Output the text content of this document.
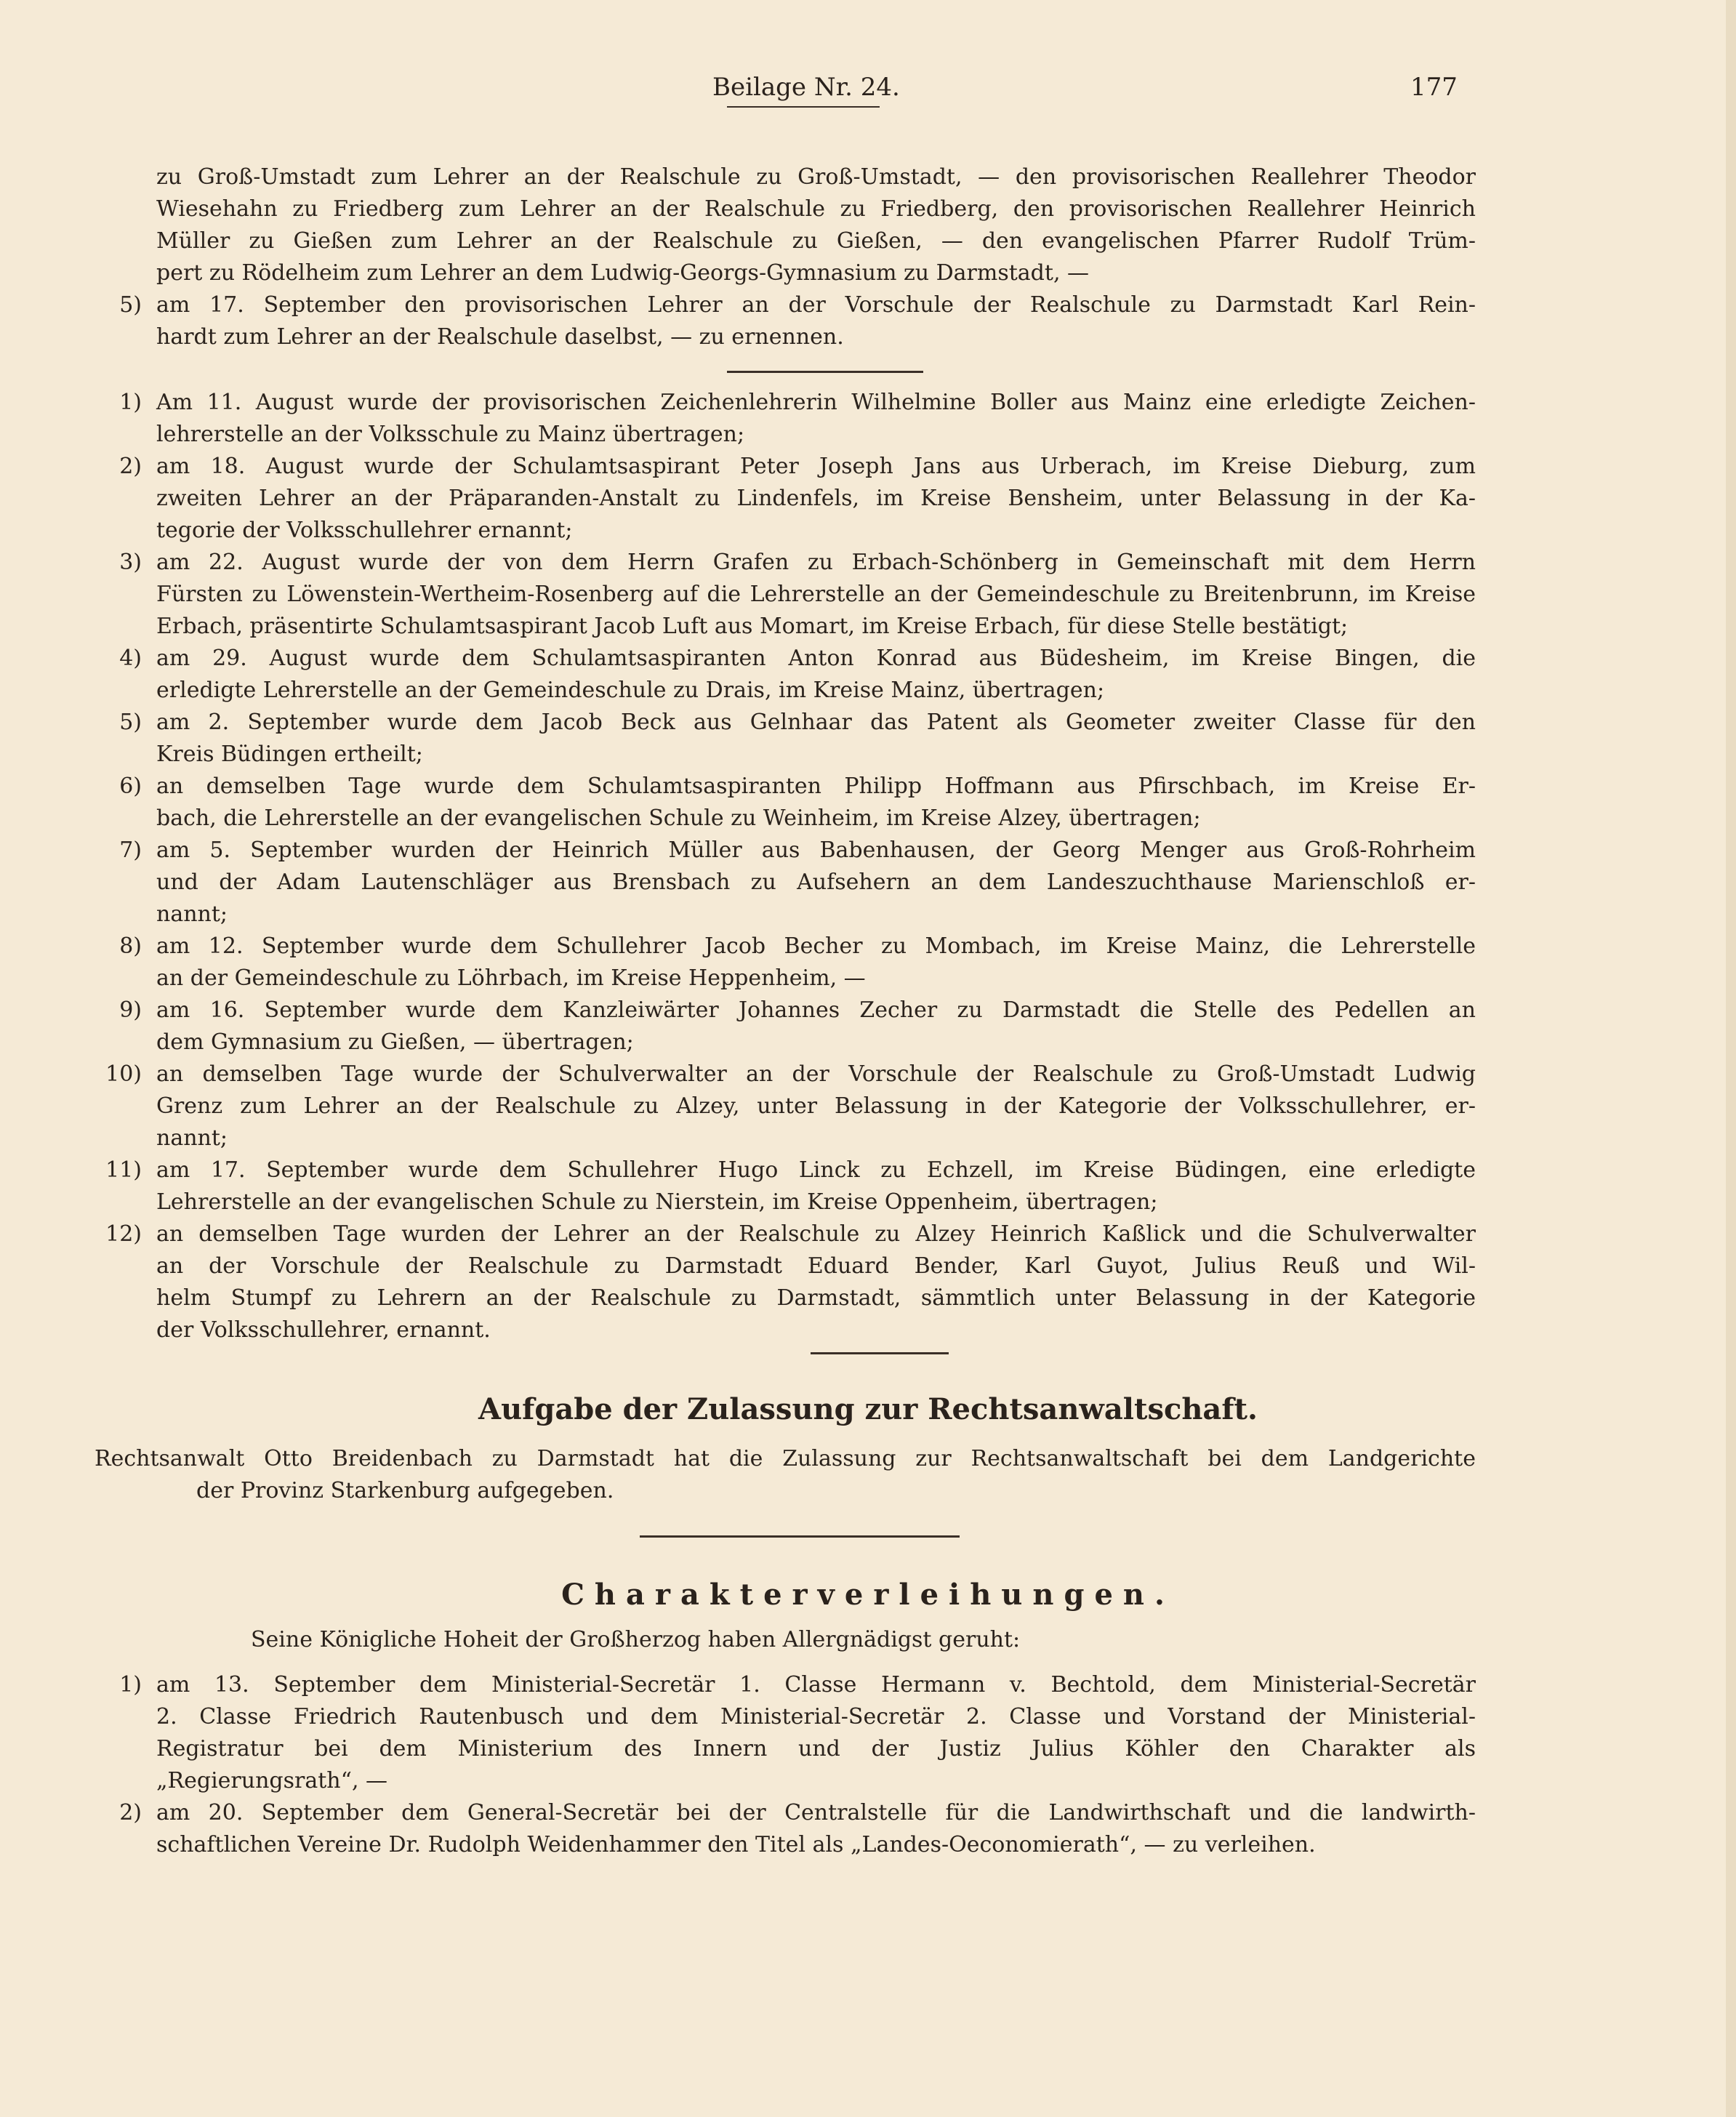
Beilage Nr. 24.	177
zu Groß-Umstadt zum Lehrer an der Realschule zu Groß-Umstadt, — den provisorischen Reallehrer Theodor
Wiesehahn zu Friedberg zum Lehrer an der Realschule zu Friedberg, den provisorischen Reallehrer Heinrich
Müller zu Gießen zum Lehrer an der Realschule zu Gießen, — den evangelischen Pfarrer Rudolf Trüm-
pert zu Rödelheim zum Lehrer an dem Ludwig-Georgs-Gymnasium zu Darmstadt, —
5) am 17. September den provisorischen Lehrer an der Vorschule der Realschule zu Darmstadt Karl Rein-
hardt zum Lehrer an der Realschule daselbst, — zu ernennen.
1) Am 11. August wurde der provisorischen Zeichenlehrerin Wilhelmine Boller aus Mainz eine erledigte Zeichen-
lehrerstelle an der Volksschule zu Mainz übertragen;
2) am 18. August wurde der Schulamtsaspirant Peter Joseph Jans aus Urberach, im Kreise Dieburg, zum
zweiten Lehrer an der Präparanden-Anstalt zu Lindenfels, im Kreise Bensheim, unter Belassung in der Ka-
tegorie der Volksschullehrer ernannt;
3) am 22. August wurde der von dem Herrn Grafen zu Erbach-Schönberg in Gemeinschaft mit dem Herrn
Fürsten zu Löwenstein-Wertheim-Rosenberg auf die Lehrerstelle an der Gemeindeschule zu Breitenbrunn, im Kreise
Erbach, präsentirte Schulamtsaspirant Jacob Luft aus Momart, im Kreise Erbach, für diese Stelle bestätigt;
4) am 29. August wurde dem Schulamtsaspiranten Anton Konrad aus Büdesheim, im Kreise Bingen, die
erledigte Lehrerstelle an der Gemeindeschule zu Drais, im Kreise Mainz, übertragen;
5) am 2. September wurde dem Jacob Beck aus Gelnhaar das Patent als Geometer zweiter Classe für den
Kreis Büdingen ertheilt;
6) an demselben Tage wurde dem Schulamtsaspiranten Philipp Hoffmann aus Pfirschbach, im Kreise Er-
bach, die Lehrerstelle an der evangelischen Schule zu Weinheim, im Kreise Alzey, übertragen;
7) am 5. September wurden der Heinrich Müller aus Babenhausen, der Georg Menger aus Groß-Rohrheim
und der Adam Lautenschläger aus Brensbach zu Aufsehern an dem Landeszuchthause Marienschloß er-
nannt;
8) am 12. September wurde dem Schullehrer Jacob Becher zu Mombach, im Kreise Mainz, die Lehrerstelle
an der Gemeindeschule zu Löhrbach, im Kreise Heppenheim, —
9) am 16. September wurde dem Kanzleiwärter Johannes Zecher zu Darmstadt die Stelle des Pedellen an
dem Gymnasium zu Gießen, — übertragen;
10) an demselben Tage wurde der Schulverwalter an der Vorschule der Realschule zu Groß-Umstadt Ludwig
Grenz zum Lehrer an der Realschule zu Alzey, unter Belassung in der Kategorie der Volksschullehrer, er-
nannt;
11) am 17. September wurde dem Schullehrer Hugo Linck zu Echzell, im Kreise Büdingen, eine erledigte
Lehrerstelle an der evangelischen Schule zu Nierstein, im Kreise Oppenheim, übertragen;
12) an demselben Tage wurden der Lehrer an der Realschule zu Alzey Heinrich Kaßlick und die Schulverwalter
an der Vorschule der Realschule zu Darmstadt Eduard Bender, Karl Guyot, Julius Reuß und Wil-
helm Stumpf zu Lehrern an der Realschule zu Darmstadt, sämmtlich unter Belassung in der Kategorie
der Volksschullehrer, ernannt.
Aufgabe der Zulassung zur Rechtsanwaltschaft.
Rechtsanwalt Otto Breidenbach zu Darmstadt hat die Zulassung zur Rechtsanwaltschaft bei dem Landgerichte
der Provinz Starkenburg aufgegeben.
Charakterverleihungen.
Seine Königliche Hoheit der Großherzog haben Allergnädigst geruht:
1) am 13. September dem Ministerial-Secretär 1. Classe Hermann v. Bechtold, dem Ministerial-Secretär
2. Classe Friedrich Rautenbusch und dem Ministerial-Secretär 2. Classe und Vorstand der Ministerial-
Registratur bei dem Ministerium des Innern und der Justiz Julius Köhler den Charakter als
„Regierungsrath“, —
2) am 20. September dem General-Secretär bei der Centralstelle für die Landwirthschaft und die landwirth-
schaftlichen Vereine Dr. Rudolph Weidenhammer den Titel als „Landes-Oeconomierath“, — zu verleihen.
